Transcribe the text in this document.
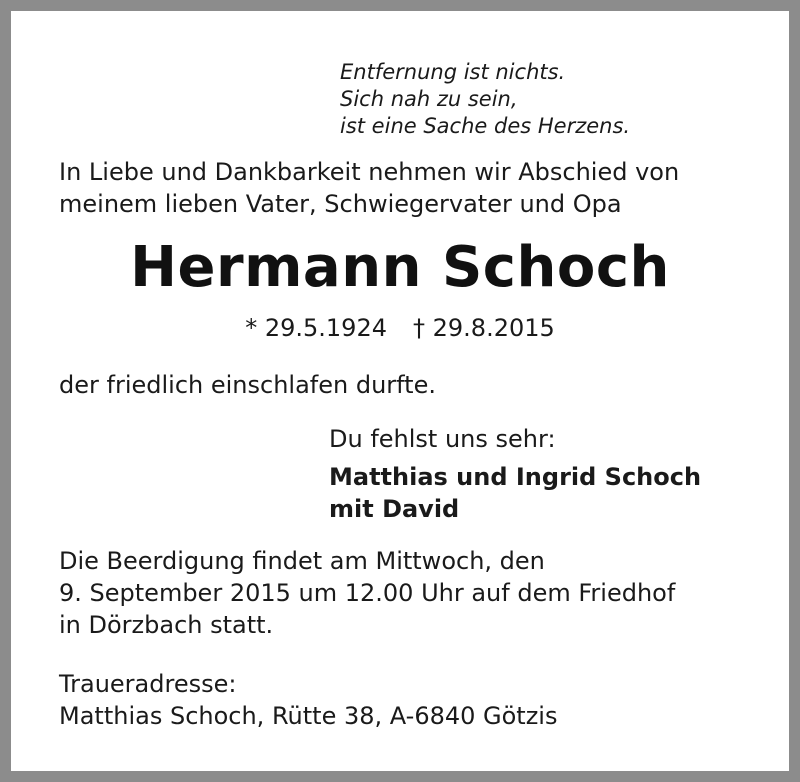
Entfernung ist nichts.
Sich nah zu sein,
ist eine Sache des Herzens.
In Liebe und Dankbarkeit nehmen wir Abschied von
meinem lieben Vater, Schwiegervater und Opa
Hermann Schoch
* 29.5.1924 † 29.8.2015
der friedlich einschlafen durfte.
Du fehlst uns sehr:
Matthias und Ingrid Schoch
mit David
Die Beerdigung findet am Mittwoch, den
9. September 2015 um 12.00 Uhr auf dem Friedhof
in Dörzbach statt.
Traueradresse:
Matthias Schoch, Rütte 38, A-6840 Götzis
